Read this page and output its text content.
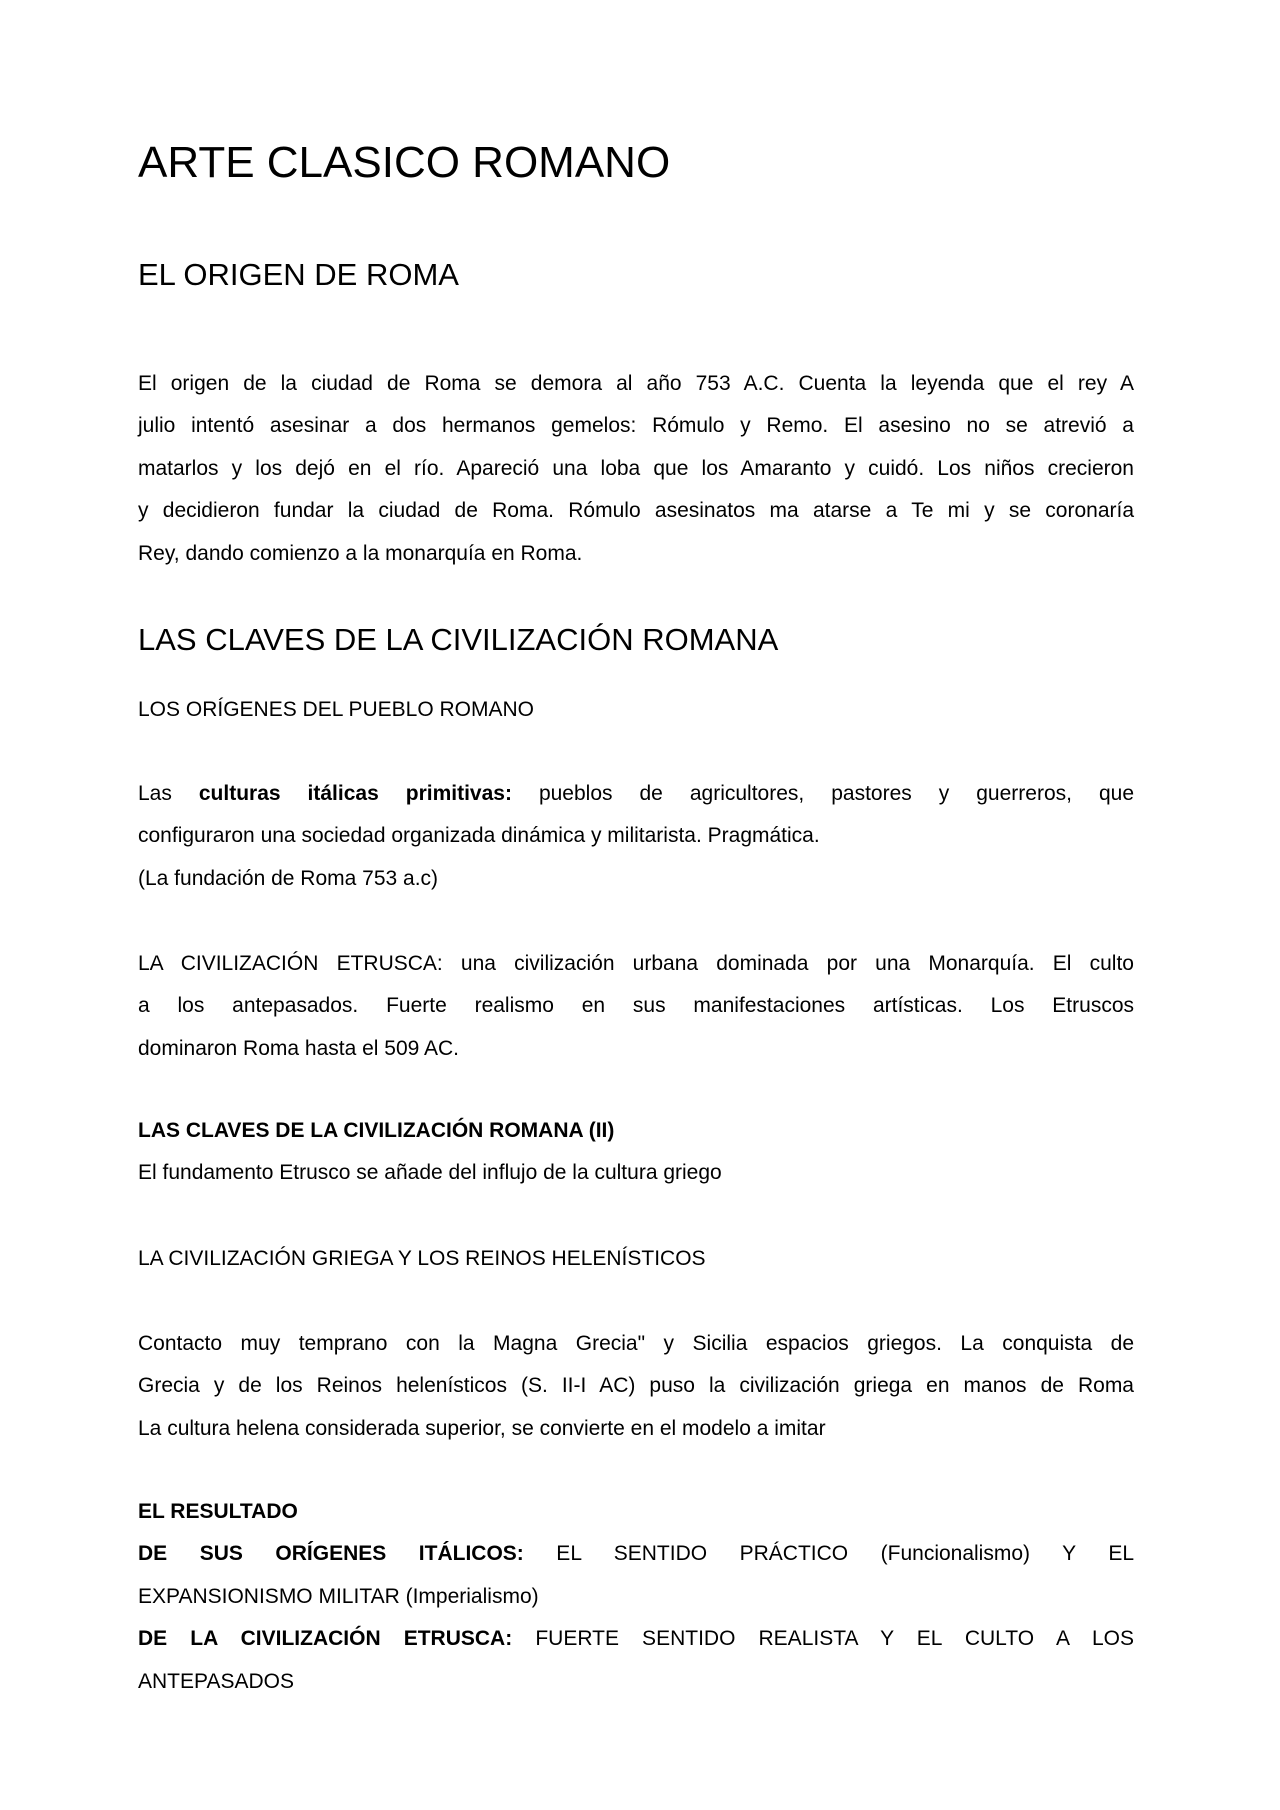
ARTE CLASICO ROMANO
EL ORIGEN DE ROMA
LAS CLAVES DE LA CIVILIZACIÓN ROMANA
El origen de la ciudad de Roma se demora al año 753 A.C. Cuenta la leyenda que el rey A
julio intentó asesinar a dos hermanos gemelos: Rómulo y Remo. El asesino no se atrevió a
matarlos y los dejó en el río. Apareció una loba que los Amaranto y cuidó. Los niños crecieron
y decidieron fundar la ciudad de Roma. Rómulo asesinatos ma atarse a Te mi y se coronaría
Rey, dando comienzo a la monarquía en Roma.
LOS ORÍGENES DEL PUEBLO ROMANO
Las culturas itálicas primitivas: pueblos de agricultores, pastores y guerreros, que
configuraron una sociedad organizada dinámica y militarista. Pragmática.
(La fundación de Roma 753 a.c)
LA CIVILIZACIÓN ETRUSCA: una civilización urbana dominada por una Monarquía. El culto
a los antepasados. Fuerte realismo en sus manifestaciones artísticas. Los Etruscos
dominaron Roma hasta el 509 AC.
LAS CLAVES DE LA CIVILIZACIÓN ROMANA (II)
El fundamento Etrusco se añade del influjo de la cultura griego
LA CIVILIZACIÓN GRIEGA Y LOS REINOS HELENÍSTICOS
Contacto muy temprano con la Magna Grecia" y Sicilia espacios griegos. La conquista de
Grecia y de los Reinos helenísticos (S. II-I AC) puso la civilización griega en manos de Roma
La cultura helena considerada superior, se convierte en el modelo a imitar
EL RESULTADO
DE SUS ORÍGENES ITÁLICOS: EL SENTIDO PRÁCTICO (Funcionalismo) Y EL
EXPANSIONISMO MILITAR (Imperialismo)
DE LA CIVILIZACIÓN ETRUSCA: FUERTE SENTIDO REALISTA Y EL CULTO A LOS
ANTEPASADOS
